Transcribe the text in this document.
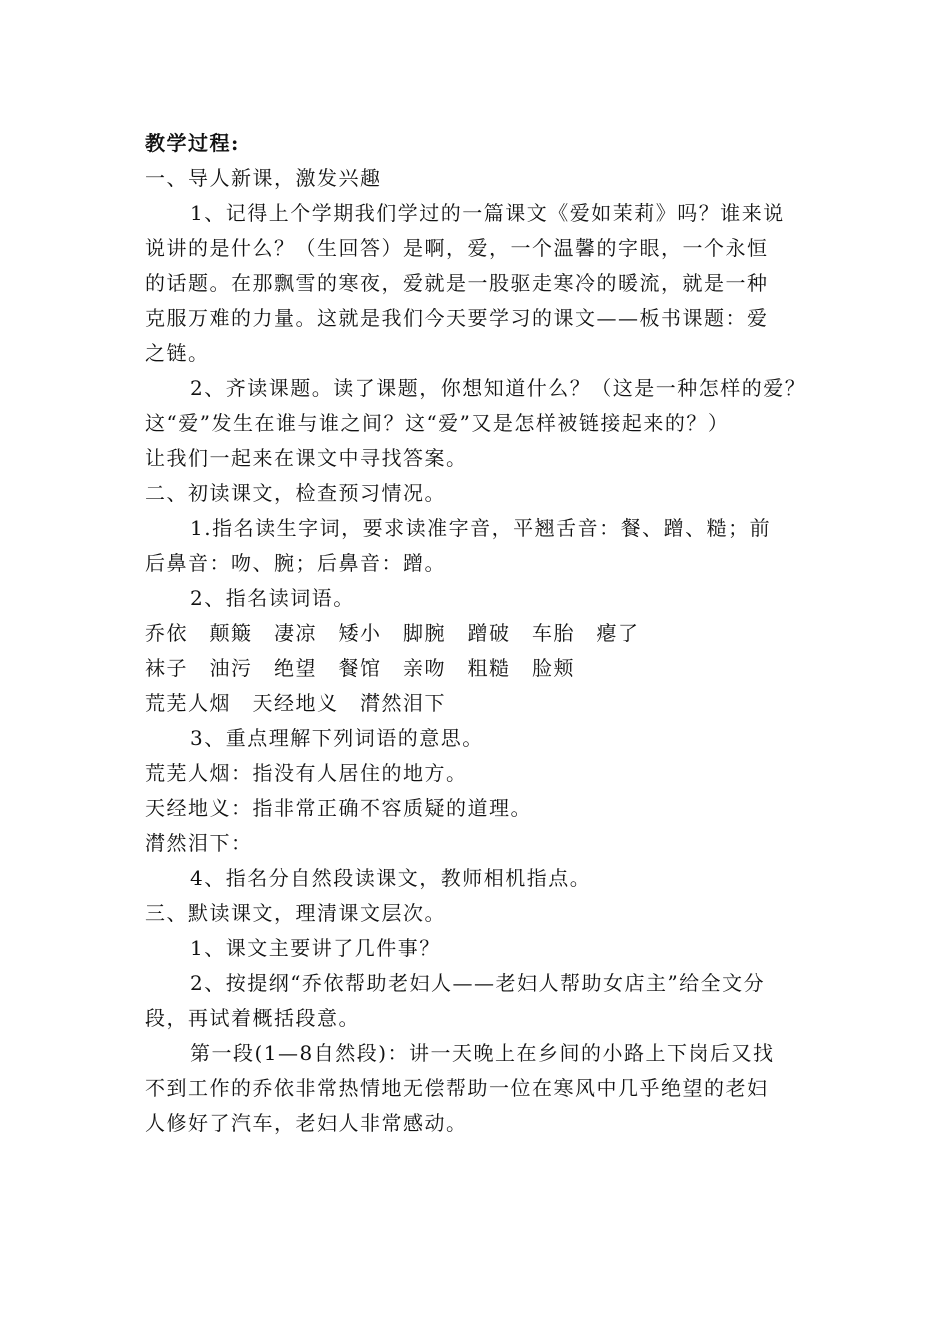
教学过程:
一、导人新课，激发兴趣
1、记得上个学期我们学过的一篇课文《爱如茉莉》吗？谁来说
说讲的是什么？（生回答）是啊，爱，一个温馨的字眼，一个永恒
的话题。在那飘雪的寒夜，爱就是一股驱走寒冷的暖流，就是一种
克服万难的力量。这就是我们今天要学习的课文——板书课题：爱
之链。
2、齐读课题。读了课题，你想知道什么？（这是一种怎样的爱？
这“爱”发生在谁与谁之间？这“爱”又是怎样被链接起来的？）
让我们一起来在课文中寻找答案。
二、初读课文，检查预习情况。
1.指名读生字词，要求读准字音，平翘舌音：餐、蹭、糙；前
后鼻音：吻、腕；后鼻音：蹭。
2、指名读词语。
乔依　颠簸　凄凉　矮小　脚腕　蹭破　车胎　瘪了
袜子　油污　绝望　餐馆　亲吻　粗糙　脸颊
荒芜人烟　天经地义　潸然泪下
3、重点理解下列词语的意思。
荒芜人烟：指没有人居住的地方。
天经地义：指非常正确不容质疑的道理。
潸然泪下：
4、指名分自然段读课文，教师相机指点。
三、默读课文，理清课文层次。
1、课文主要讲了几件事？
2、按提纲“乔依帮助老妇人——老妇人帮助女店主”给全文分
段，再试着概括段意。
第一段(1—8自然段)：讲一天晚上在乡间的小路上下岗后又找
不到工作的乔依非常热情地无偿帮助一位在寒风中几乎绝望的老妇
人修好了汽车，老妇人非常感动。
